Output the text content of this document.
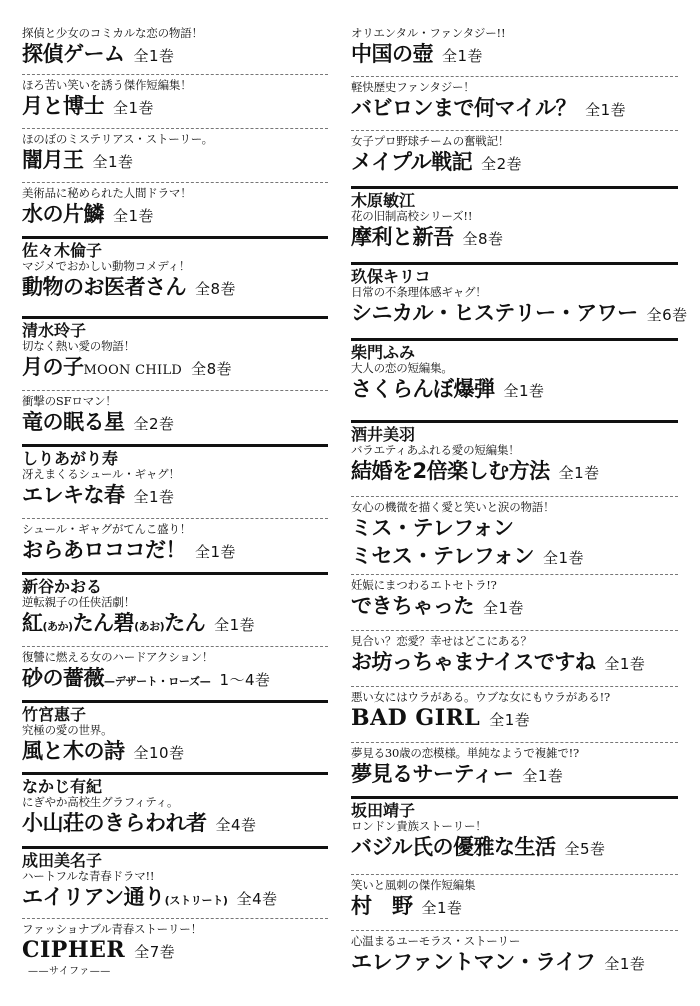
探偵と少女のコミカルな恋の物語！
探偵ゲーム 全1巻
ほろ苦い笑いを誘う傑作短編集！
月と博士 全1巻
ほのぼのミステリアス・ストーリー。
闇月王 全1巻
美術品に秘められた人間ドラマ！
水の片鱗 全1巻
佐々木倫子
マジメでおかしい動物コメディ！
動物のお医者さん 全8巻
清水玲子
切なく熱い愛の物語！
月の子MOON CHILD 全8巻
衝撃のSFロマン！
竜の眠る星 全2巻
しりあがり寿
冴えまくるシュール・ギャグ！
エレキな春 全1巻
シュール・ギャグがてんこ盛り！
おらあロココだ！ 全1巻
新谷かおる
逆転親子の任侠活劇！
紅(あか)たん碧(あお)たん 全1巻
復讐に燃える女のハードアクション！
砂の薔薇—デザート・ローズ— 1〜4巻
竹宮惠子
究極の愛の世界。
風と木の詩 全10巻
なかじ有紀
にぎやか高校生グラフィティ。
小山荘のきらわれ者 全4巻
成田美名子
ハートフルな青春ドラマ!!
エイリアン通り(ストリート) 全4巻
ファッショナブル青春ストーリー！
CIPHER 全7巻
——サイファ——
オリエンタル・ファンタジー!!
中国の壺 全1巻
軽快歴史ファンタジー！
バビロンまで何マイル？ 全1巻
女子プロ野球チームの奮戦記！
メイプル戦記 全2巻
木原敏江
花の旧制高校シリーズ!!
摩利と新吾 全8巻
玖保キリコ
日常の不条理体感ギャグ！
シニカル・ヒステリー・アワー 全6巻
柴門ふみ
大人の恋の短編集。
さくらんぼ爆弾 全1巻
酒井美羽
バラエティあふれる愛の短編集！
結婚を2倍楽しむ方法 全1巻
女心の機微を描く愛と笑いと涙の物語！
ミス・テレフォン
ミセス・テレフォン 全1巻
妊娠にまつわるエトセトラ!?
できちゃった 全1巻
見合い？恋愛？幸せはどこにある？
お坊っちゃまナイスですね 全1巻
悪い女にはウラがある。ウブな女にもウラがある!?
BAD GIRL 全1巻
夢見る30歳の恋模様。単純なようで複雑で!?
夢見るサーティー 全1巻
坂田靖子
ロンドン貴族ストーリー！
バジル氏の優雅な生活 全5巻
笑いと風刺の傑作短編集
村　野 全1巻
心温まるユーモラス・ストーリー
エレファントマン・ライフ 全1巻
